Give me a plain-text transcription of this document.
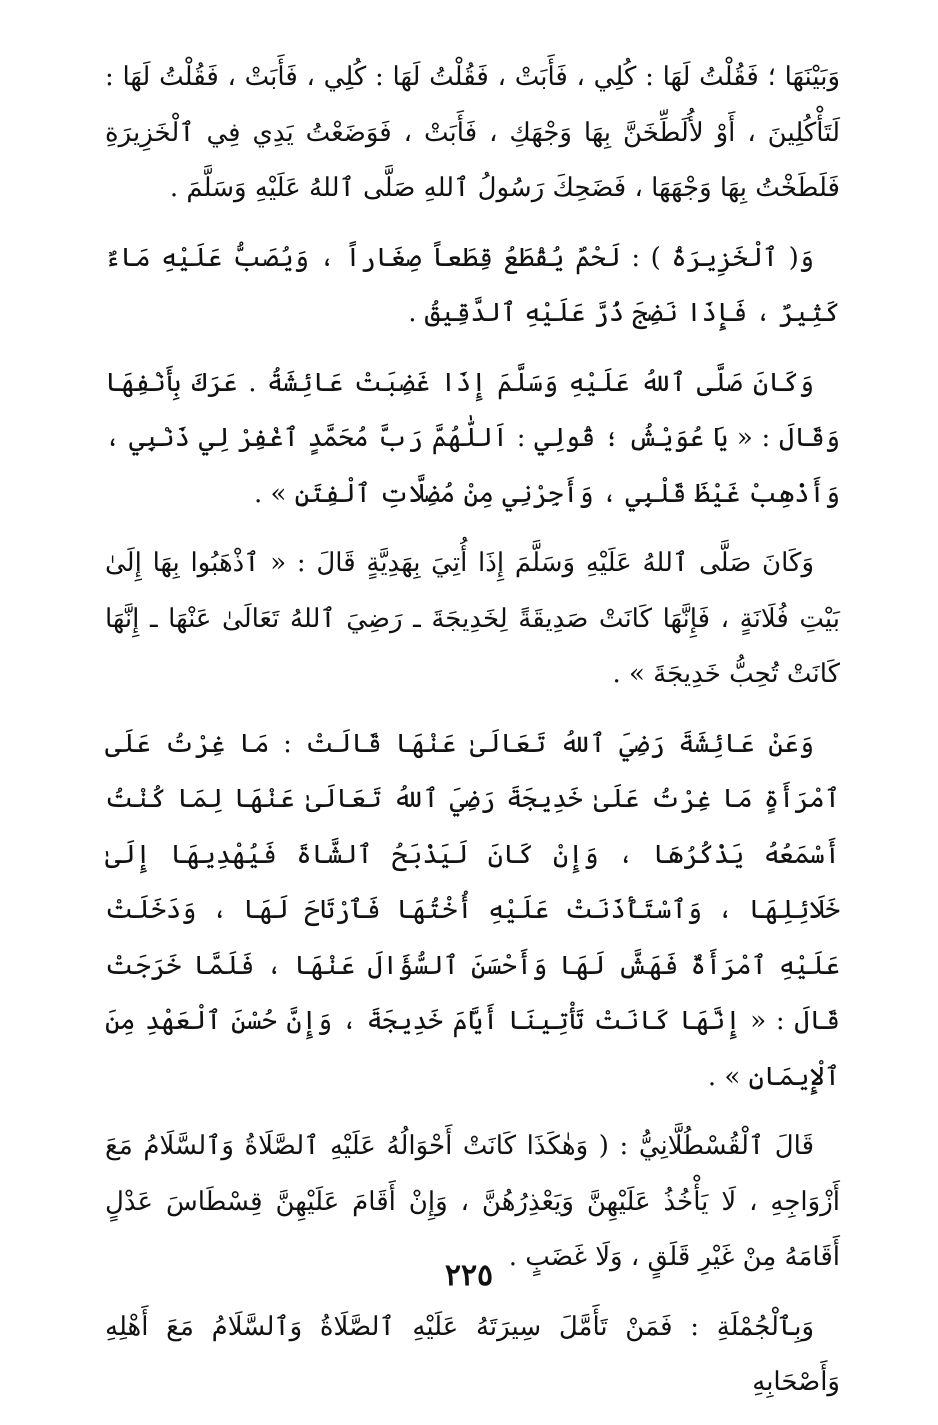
وَبَيْنَهَا ؛ فَقُلْتُ لَهَا : كُلِي ، فَأَبَتْ ، فَقُلْتُ لَهَا : كُلِي ، فَأَبَتْ ، فَقُلْتُ لَهَا : لَتَأْكُلِينَ ، أَوْ لأُلَطِّخَنَّ بِهَا وَجْهَكِ ، فَأَبَتْ ، فَوَضَعْتُ يَدِي فِي ٱلْخَزِيرَةِ فَلَطَخْتُ بِهَا وَجْهَهَا ، فَضَحِكَ رَسُولُ ٱللهِ صَلَّى ٱللهُ عَلَيْهِ وَسَلَّمَ .

وَ( ٱلْخَزِيرَةُ ) : لَحْمٌ يُقْطَعُ قِطَعاً صِغَاراً ، وَيُصَبُّ عَلَيْهِ مَاءٌ كَثِيرٌ ، فَإِذَا نَضِجَ ذُرَّ عَلَيْهِ ٱلدَّقِيقُ .

وَكَانَ صَلَّى ٱللهُ عَلَيْهِ وَسَلَّمَ إِذَا غَضِبَتْ عَائِشَةُ . عَرَكَ بِأَنْفِهَا وَقَالَ : « يَا عُوَيْشُ ؛ قُولِي : اَللّٰهُمَّ رَبَّ مُحَمَّدٍ ٱغْفِرْ لِي ذَنْبِي ، وَأَذْهِبْ غَيْظَ قَلْبِي ، وَأَجِرْنِي مِنْ مُضِلَّاتِ ٱلْفِتَنِ » .

وَكَانَ صَلَّى ٱللهُ عَلَيْهِ وَسَلَّمَ إِذَا أُتِيَ بِهَدِيَّةٍ قَالَ : « ٱذْهَبُوا بِهَا إِلَىٰ بَيْتِ فُلَانَةٍ ، فَإِنَّهَا كَانَتْ صَدِيقَةً لِخَدِيجَةَ ـ رَضِيَ ٱللهُ تَعَالَىٰ عَنْهَا ـ إِنَّهَا كَانَتْ تُحِبُّ خَدِيجَةَ » .

وَعَنْ عَائِشَةَ رَضِيَ ٱللهُ تَعَالَىٰ عَنْهَا قَالَتْ : مَا غِرْتُ عَلَى ٱمْرَأَةٍ مَا غِرْتُ عَلَىٰ خَدِيجَةَ رَضِيَ ٱللهُ تَعَالَىٰ عَنْهَا لِمَا كُنْتُ أَسْمَعُهُ يَذْكُرُهَا ، وَإِنْ كَانَ لَيَذْبَحُ ٱلشَّاةَ فَيُهْدِيهَا إِلَىٰ خَلَائِلِهَا ، وَٱسْتَأْذَنَتْ عَلَيْهِ أُخْتُهَا فَٱرْتَاحَ لَهَا ، وَدَخَلَتْ عَلَيْهِ ٱمْرَأَةٌ فَهَشَّ لَهَا وَأَحْسَنَ ٱلسُّؤَالَ عَنْهَا ، فَلَمَّا خَرَجَتْ قَالَ : « إِنَّهَا كَانَتْ تَأْتِينَا أَيَّامَ خَدِيجَةَ ، وَإِنَّ حُسْنَ ٱلْعَهْدِ مِنَ ٱلْإِيمَانِ » .

قَالَ ٱلْقُسْطُلَّانِيُّ : ( وَهٰكَذَا كَانَتْ أَحْوَالُهُ عَلَيْهِ ٱلصَّلَاةُ وَٱلسَّلَامُ مَعَ أَزْوَاجِهِ ، لَا يَأْخُذُ عَلَيْهِنَّ وَيَعْذِرُهُنَّ ، وَإِنْ أَقَامَ عَلَيْهِنَّ قِسْطَاسَ عَدْلٍ أَقَامَهُ مِنْ غَيْرِ قَلَقٍ ، وَلَا غَضَبٍ .

وَبِٱلْجُمْلَةِ : فَمَنْ تَأَمَّلَ سِيرَتَهُ عَلَيْهِ ٱلصَّلَاةُ وَٱلسَّلَامُ مَعَ أَهْلِهِ وَأَصْحَابِهِ

٢٢٥
